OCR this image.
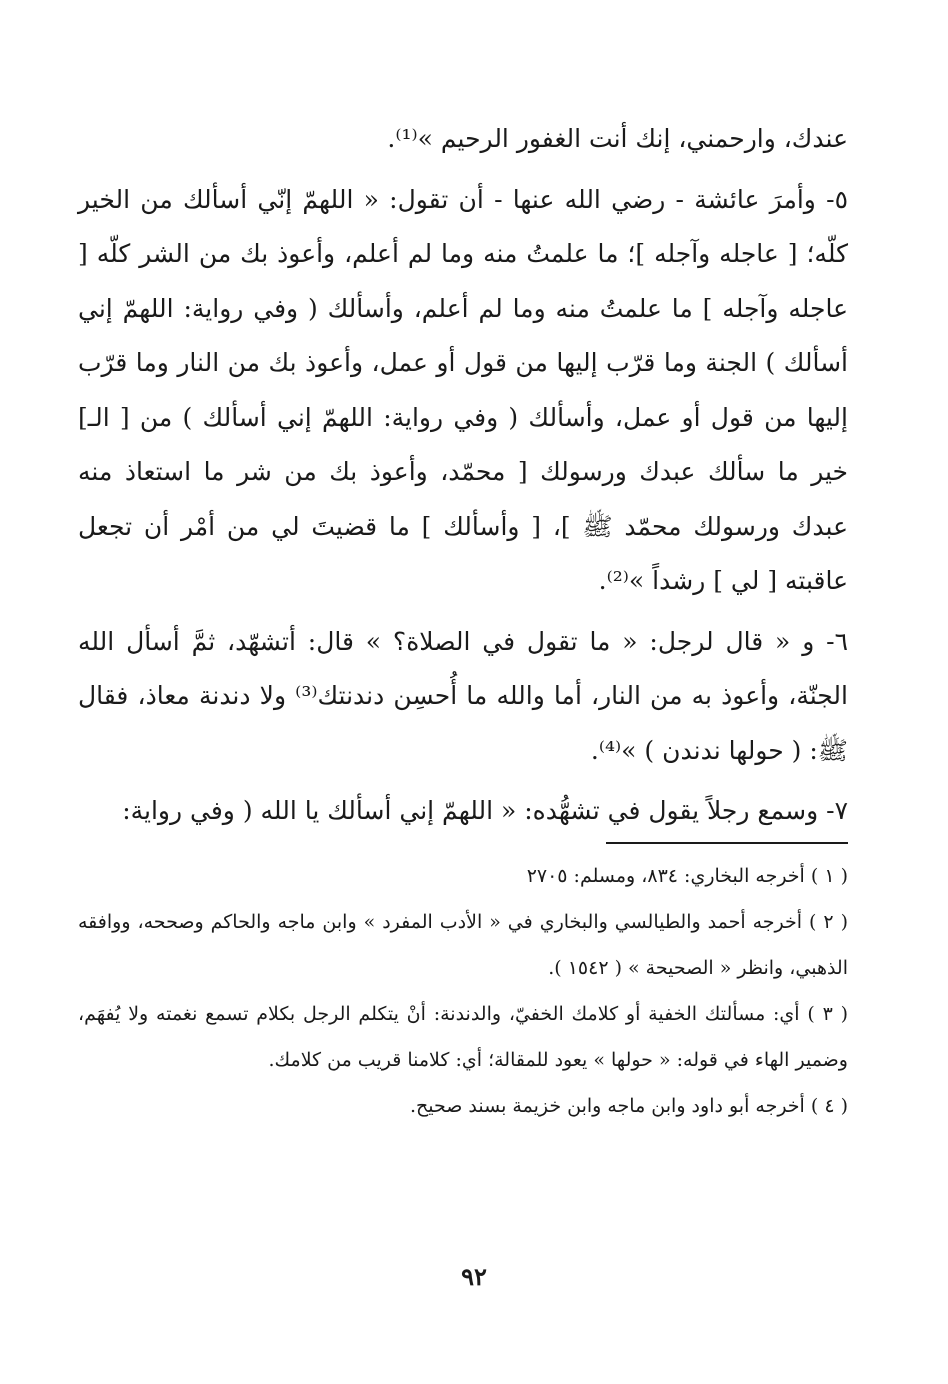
عندك، وارحمني، إنك أنت الغفور الرحيم »⁽¹⁾.

٥- وأمرَ عائشة - رضي الله عنها - أن تقول: « اللهمّ إنّي أسألك من الخير كلّه؛ [ عاجله وآجله ]؛ ما علمتُ منه وما لم أعلم، وأعوذ بك من الشر كلّه [ عاجله وآجله ] ما علمتُ منه وما لم أعلم، وأسألك ( وفي رواية: اللهمّ إني أسألك ) الجنة وما قرّب إليها من قول أو عمل، وأعوذ بك من النار وما قرّب إليها من قول أو عمل، وأسألك ( وفي رواية: اللهمّ إني أسألك ) من [ الـ] خير ما سألك عبدك ورسولك [ محمّد، وأعوذ بك من شر ما استعاذ منه عبدك ورسولك محمّد ﷺ ]، [ وأسألك ] ما قضيتَ لي من أمْر أن تجعل عاقبته [ لي ] رشداً »⁽²⁾.

٦- و « قال لرجل: « ما تقول في الصلاة؟ » قال: أتشهّد، ثمَّ أسأل الله الجنّة، وأعوذ به من النار، أما والله ما أُحسِن دندنتك⁽³⁾ ولا دندنة معاذ، فقال ﷺ: ( حولها ندندن ) »⁽⁴⁾.

٧- وسمع رجلاً يقول في تشهُّده: « اللهمّ إني أسألك يا الله ( وفي رواية:

( ١ ) أخرجه البخاري: ٨٣٤، ومسلم: ٢٧٠٥

( ٢ ) أخرجه أحمد والطيالسي والبخاري في « الأدب المفرد » وابن ماجه والحاكم وصححه، ووافقه الذهبي، وانظر « الصحيحة » ( ١٥٤٢ ).

( ٣ ) أي: مسألتك الخفية أو كلامك الخفيّ، والدندنة: أنْ يتكلم الرجل بكلام تسمع نغمته ولا يُفهَم، وضمير الهاء في قوله: « حولها » يعود للمقالة؛ أي: كلامنا قريب من كلامك.

( ٤ ) أخرجه أبو داود وابن ماجه وابن خزيمة بسند صحيح.

٩٢
